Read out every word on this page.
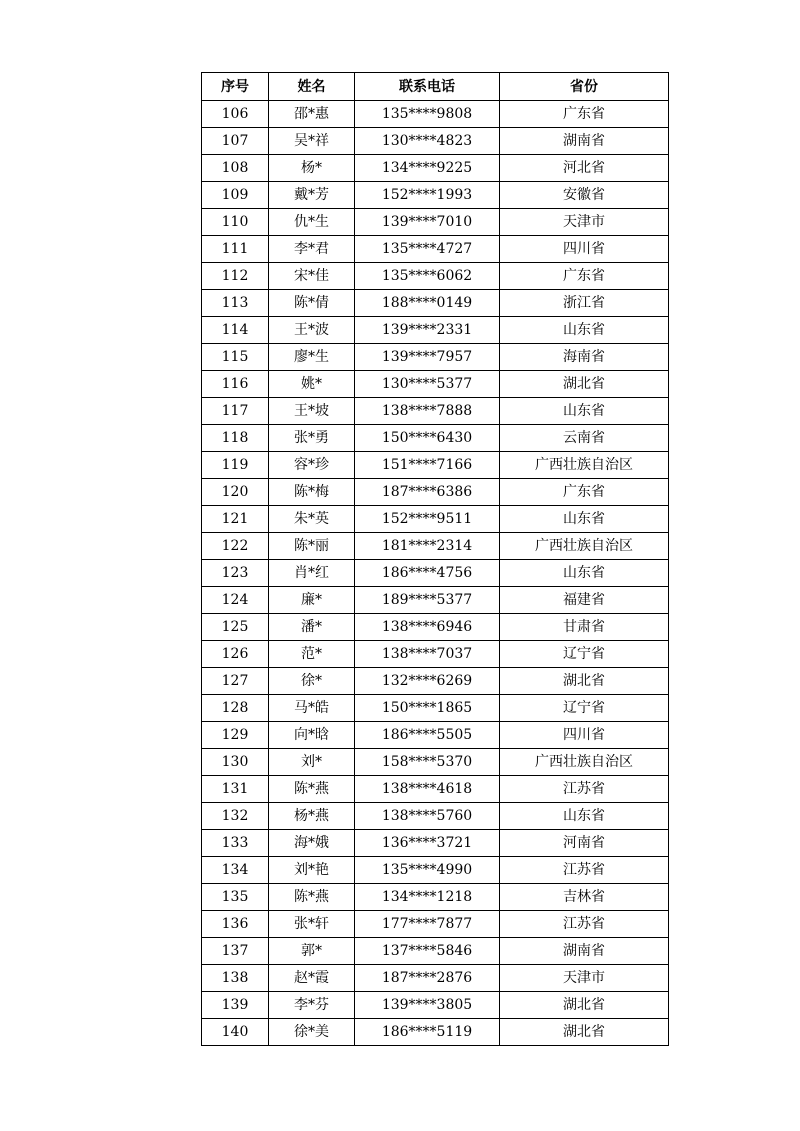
序号	姓名	联系电话	省份
106	邵*惠	135****9808	广东省
107	吴*祥	130****4823	湖南省
108	杨*	134****9225	河北省
109	戴*芳	152****1993	安徽省
110	仇*生	139****7010	天津市
111	李*君	135****4727	四川省
112	宋*佳	135****6062	广东省
113	陈*倩	188****0149	浙江省
114	王*波	139****2331	山东省
115	廖*生	139****7957	海南省
116	姚*	130****5377	湖北省
117	王*坡	138****7888	山东省
118	张*勇	150****6430	云南省
119	容*珍	151****7166	广西壮族自治区
120	陈*梅	187****6386	广东省
121	朱*英	152****9511	山东省
122	陈*丽	181****2314	广西壮族自治区
123	肖*红	186****4756	山东省
124	廉*	189****5377	福建省
125	潘*	138****6946	甘肃省
126	范*	138****7037	辽宁省
127	徐*	132****6269	湖北省
128	马*皓	150****1865	辽宁省
129	向*晗	186****5505	四川省
130	刘*	158****5370	广西壮族自治区
131	陈*燕	138****4618	江苏省
132	杨*燕	138****5760	山东省
133	海*娥	136****3721	河南省
134	刘*艳	135****4990	江苏省
135	陈*燕	134****1218	吉林省
136	张*轩	177****7877	江苏省
137	郭*	137****5846	湖南省
138	赵*霞	187****2876	天津市
139	李*芬	139****3805	湖北省
140	徐*美	186****5119	湖北省
